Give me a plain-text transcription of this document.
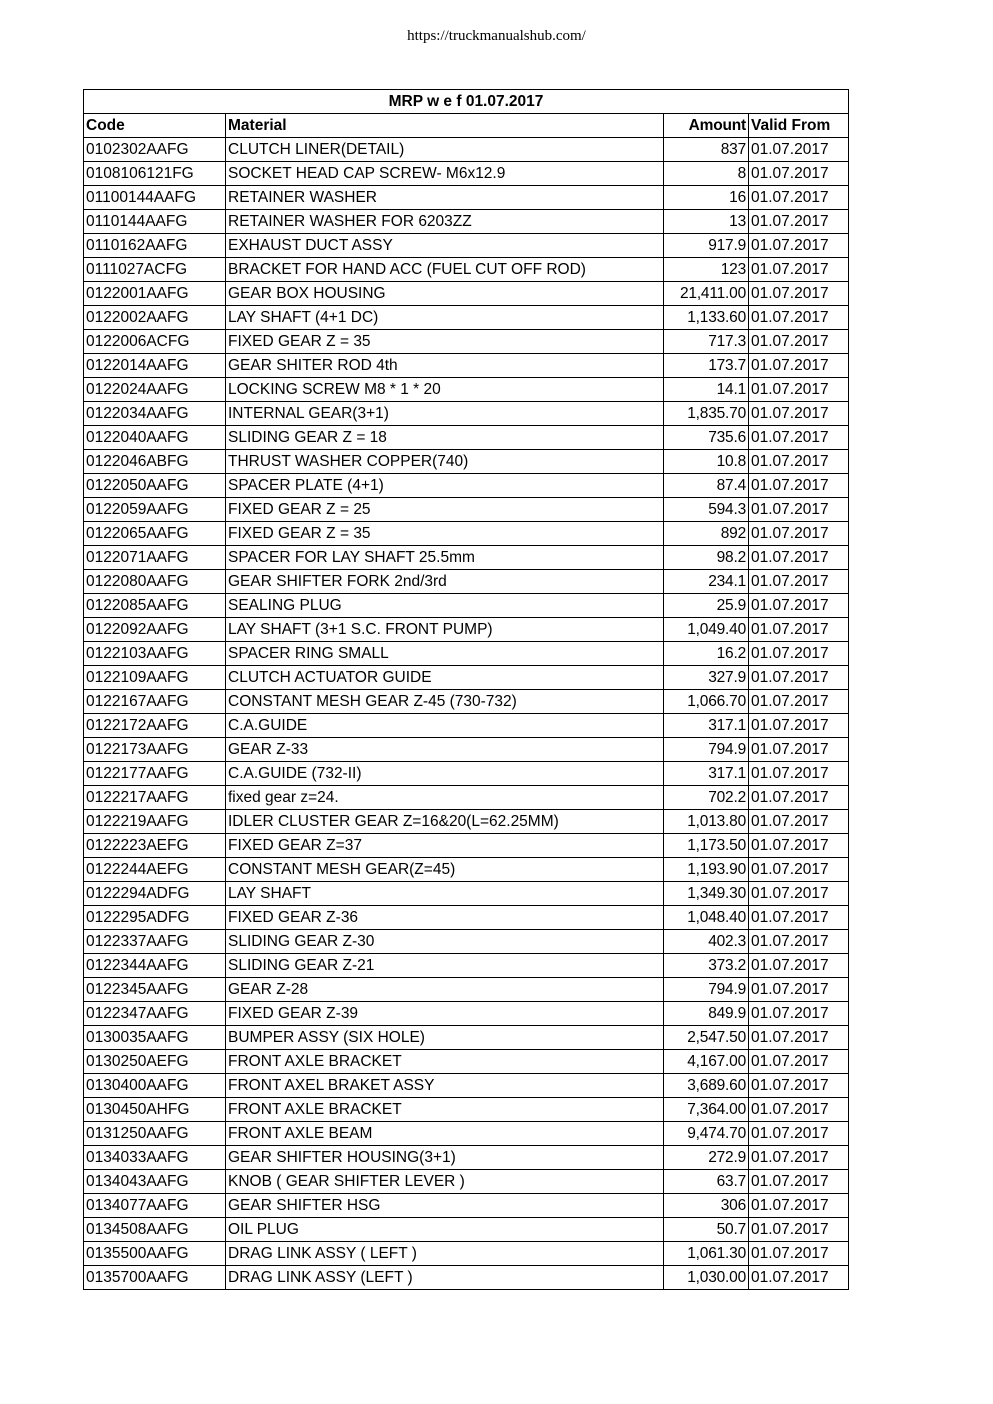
https://truckmanualshub.com/
MRP w e f 01.07.2017			
Code	Material	Amount	Valid From
0102302AAFG	CLUTCH LINER(DETAIL)	837	01.07.2017
0108106121FG	SOCKET HEAD CAP SCREW- M6x12.9	8	01.07.2017
01100144AAFG	RETAINER WASHER	16	01.07.2017
0110144AAFG	RETAINER WASHER FOR 6203ZZ	13	01.07.2017
0110162AAFG	EXHAUST DUCT ASSY	917.9	01.07.2017
0111027ACFG	BRACKET FOR HAND ACC (FUEL CUT OFF ROD)	123	01.07.2017
0122001AAFG	GEAR BOX HOUSING	21,411.00	01.07.2017
0122002AAFG	LAY SHAFT (4+1 DC)	1,133.60	01.07.2017
0122006ACFG	FIXED GEAR Z = 35	717.3	01.07.2017
0122014AAFG	GEAR SHITER ROD 4th	173.7	01.07.2017
0122024AAFG	LOCKING SCREW M8 * 1 * 20	14.1	01.07.2017
0122034AAFG	INTERNAL GEAR(3+1)	1,835.70	01.07.2017
0122040AAFG	SLIDING GEAR Z = 18	735.6	01.07.2017
0122046ABFG	THRUST WASHER COPPER(740)	10.8	01.07.2017
0122050AAFG	SPACER PLATE (4+1)	87.4	01.07.2017
0122059AAFG	FIXED GEAR Z = 25	594.3	01.07.2017
0122065AAFG	FIXED GEAR Z = 35	892	01.07.2017
0122071AAFG	SPACER FOR LAY SHAFT 25.5mm	98.2	01.07.2017
0122080AAFG	GEAR SHIFTER FORK 2nd/3rd	234.1	01.07.2017
0122085AAFG	SEALING PLUG	25.9	01.07.2017
0122092AAFG	LAY SHAFT (3+1 S.C. FRONT PUMP)	1,049.40	01.07.2017
0122103AAFG	SPACER RING SMALL	16.2	01.07.2017
0122109AAFG	CLUTCH ACTUATOR GUIDE	327.9	01.07.2017
0122167AAFG	CONSTANT MESH GEAR Z-45 (730-732)	1,066.70	01.07.2017
0122172AAFG	C.A.GUIDE	317.1	01.07.2017
0122173AAFG	GEAR Z-33	794.9	01.07.2017
0122177AAFG	C.A.GUIDE (732-II)	317.1	01.07.2017
0122217AAFG	fixed gear z=24.	702.2	01.07.2017
0122219AAFG	IDLER CLUSTER GEAR Z=16&20(L=62.25MM)	1,013.80	01.07.2017
0122223AEFG	FIXED GEAR Z=37	1,173.50	01.07.2017
0122244AEFG	CONSTANT MESH GEAR(Z=45)	1,193.90	01.07.2017
0122294ADFG	LAY SHAFT	1,349.30	01.07.2017
0122295ADFG	FIXED GEAR Z-36	1,048.40	01.07.2017
0122337AAFG	SLIDING GEAR Z-30	402.3	01.07.2017
0122344AAFG	SLIDING GEAR Z-21	373.2	01.07.2017
0122345AAFG	GEAR Z-28	794.9	01.07.2017
0122347AAFG	FIXED GEAR Z-39	849.9	01.07.2017
0130035AAFG	BUMPER ASSY (SIX HOLE)	2,547.50	01.07.2017
0130250AEFG	FRONT AXLE BRACKET	4,167.00	01.07.2017
0130400AAFG	FRONT AXEL BRAKET ASSY	3,689.60	01.07.2017
0130450AHFG	FRONT AXLE BRACKET	7,364.00	01.07.2017
0131250AAFG	FRONT AXLE BEAM	9,474.70	01.07.2017
0134033AAFG	GEAR SHIFTER HOUSING(3+1)	272.9	01.07.2017
0134043AAFG	KNOB ( GEAR SHIFTER LEVER )	63.7	01.07.2017
0134077AAFG	GEAR SHIFTER HSG	306	01.07.2017
0134508AAFG	OIL PLUG	50.7	01.07.2017
0135500AAFG	DRAG LINK ASSY ( LEFT )	1,061.30	01.07.2017
0135700AAFG	DRAG LINK ASSY (LEFT )	1,030.00	01.07.2017
